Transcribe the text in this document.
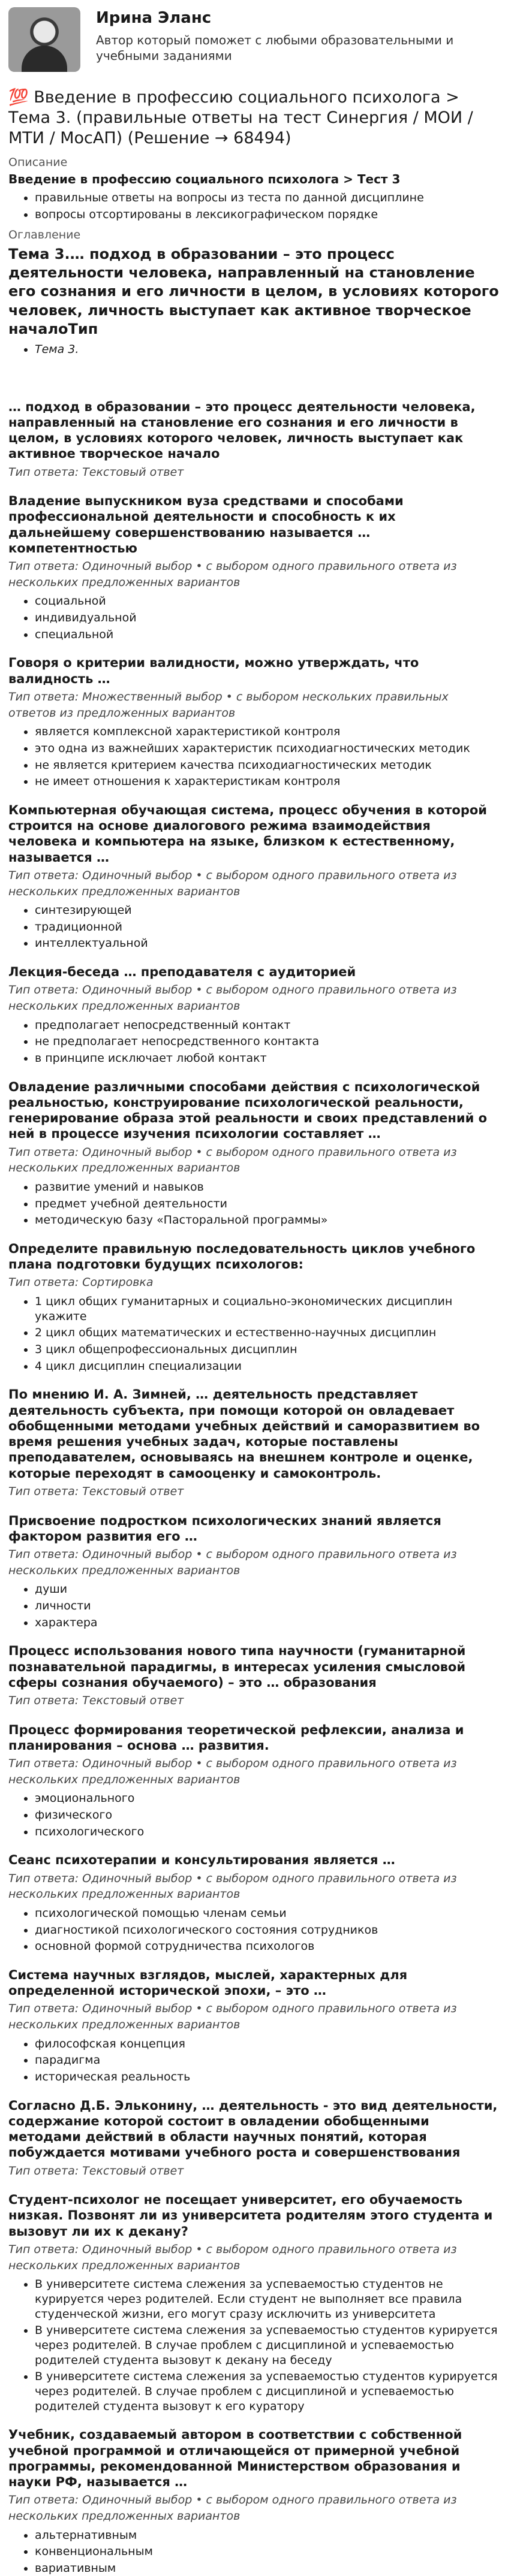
Ирина Эланс
Автор который поможет с любыми образовательными и учебными заданиями
💯 Введение в профессию социального психолога > Тема 3. (правильные ответы на тест Синергия / МОИ / МТИ / МосАП) (Решение → 68494)
Описание
Введение в профессию социального психолога > Тест 3
• правильные ответы на вопросы из теста по данной дисциплине
• вопросы отсортированы в лексикографическом порядке
Оглавление
Тема 3.… подход в образовании – это процесс деятельности человека, направленный на становление его сознания и его личности в целом, в условиях которого человек, личность выступает как активное творческое началоТип
• Тема 3.
… подход в образовании – это процесс деятельности человека, направленный на становление его сознания и его личности в целом, в условиях которого человек, личность выступает как активное творческое начало
Тип ответа: Текстовый ответ
Владение выпускником вуза средствами и способами профессиональной деятельности и способность к их дальнейшему совершенствованию называется … компетентностью
Тип ответа: Одиночный выбор • с выбором одного правильного ответа из нескольких предложенных вариантов
• социальной
• индивидуальной
• специальной
Говоря о критерии валидности, можно утверждать, что валидность …
Тип ответа: Множественный выбор • с выбором нескольких правильных ответов из предложенных вариантов
• является комплексной характеристикой контроля
• это одна из важнейших характеристик психодиагностических методик
• не является критерием качества психодиагностических методик
• не имеет отношения к характеристикам контроля
Компьютерная обучающая система, процесс обучения в которой строится на основе диалогового режима взаимодействия человека и компьютера на языке, близком к естественному, называется …
Тип ответа: Одиночный выбор • с выбором одного правильного ответа из нескольких предложенных вариантов
• синтезирующей
• традиционной
• интеллектуальной
Лекция-беседа … преподавателя с аудиторией
Тип ответа: Одиночный выбор • с выбором одного правильного ответа из нескольких предложенных вариантов
• предполагает непосредственный контакт
• не предполагает непосредственного контакта
• в принципе исключает любой контакт
Овладение различными способами действия с психологической реальностью, конструирование психологической реальности, генерирование образа этой реальности и своих представлений о ней в процессе изучения психологии составляет …
Тип ответа: Одиночный выбор • с выбором одного правильного ответа из нескольких предложенных вариантов
• развитие умений и навыков
• предмет учебной деятельности
• методическую базу «Пасторальной программы»
Определите правильную последовательность циклов учебного плана подготовки будущих психологов:
Тип ответа: Сортировка
• 1 цикл общих гуманитарных и социально-экономических дисциплин укажите
• 2 цикл общих математических и естественно-научных дисциплин
• 3 цикл общепрофессиональных дисциплин
• 4 цикл дисциплин специализации
По мнению И. А. Зимней, … деятельность представляет деятельность субъекта, при помощи которой он овладевает обобщенными методами учебных действий и саморазвитием во время решения учебных задач, которые поставлены преподавателем, основываясь на внешнем контроле и оценке, которые переходят в самооценку и самоконтроль.
Тип ответа: Текстовый ответ
Присвоение подростком психологических знаний является фактором развития его …
Тип ответа: Одиночный выбор • с выбором одного правильного ответа из нескольких предложенных вариантов
• души
• личности
• характера
Процесс использования нового типа научности (гуманитарной познавательной парадигмы, в интересах усиления смысловой сферы сознания обучаемого) – это … образования
Тип ответа: Текстовый ответ
Процесс формирования теоретической рефлексии, анализа и планирования – основа … развития.
Тип ответа: Одиночный выбор • с выбором одного правильного ответа из нескольких предложенных вариантов
• эмоционального
• физического
• психологического
Сеанс психотерапии и консультирования является …
Тип ответа: Одиночный выбор • с выбором одного правильного ответа из нескольких предложенных вариантов
• психологической помощью членам семьи
• диагностикой психологического состояния сотрудников
• основной формой сотрудничества психологов
Система научных взглядов, мыслей, характерных для определенной исторической эпохи, – это …
Тип ответа: Одиночный выбор • с выбором одного правильного ответа из нескольких предложенных вариантов
• философская концепция
• парадигма
• историческая реальность
Согласно Д.Б. Эльконину, … деятельность - это вид деятельности, содержание которой состоит в овладении обобщенными методами действий в области научных понятий, которая побуждается мотивами учебного роста и совершенствования
Тип ответа: Текстовый ответ
Студент-психолог не посещает университет, его обучаемость низкая. Позвонят ли из университета родителям этого студента и вызовут ли их к декану?
Тип ответа: Одиночный выбор • с выбором одного правильного ответа из нескольких предложенных вариантов
• В университете система слежения за успеваемостью студентов не курируется через родителей. Если студент не выполняет все правила студенческой жизни, его могут сразу исключить из университета
• В университете система слежения за успеваемостью студентов курируется через родителей. В случае проблем с дисциплиной и успеваемостью родителей студента вызовут к декану на беседу
• В университете система слежения за успеваемостью студентов курируется через родителей. В случае проблем с дисциплиной и успеваемостью родителей студента вызовут к его куратору
Учебник, создаваемый автором в соответствии с собственной учебной программой и отличающейся от примерной учебной программы, рекомендованной Министерством образования и науки РФ, называется …
Тип ответа: Одиночный выбор • с выбором одного правильного ответа из нескольких предложенных вариантов
• альтернативным
• конвенциональным
• вариативным
